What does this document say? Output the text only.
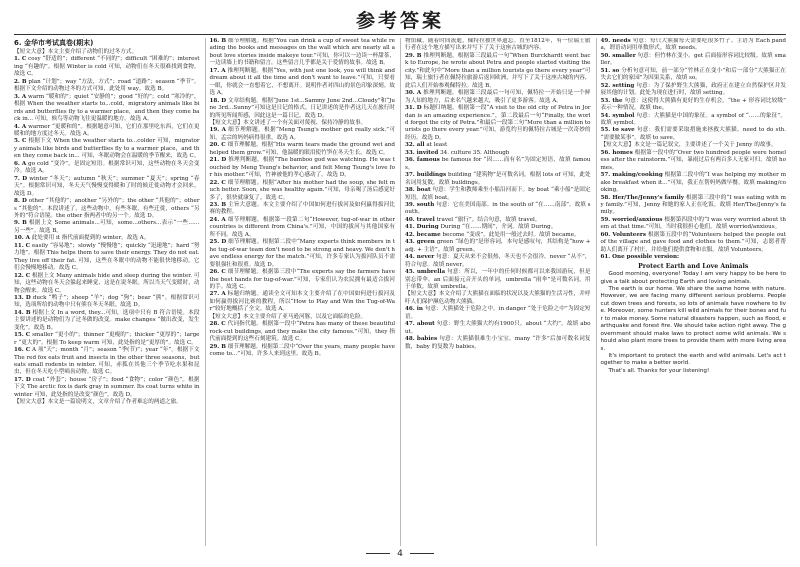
参考答案
6. 金华市考试真卷(期末)

【短文大意】本文主要介绍了动物们的过冬方式。

1. C cosy “舒适的”；different “不同的”；difficult “困难的”；interesting “有趣的”。根据 Winter is cold 可知，动物们在冬天很难找到食物。故选 C。

2. B plan “计划”；way “方法，方式”；road “道路”；season “季节”。根据下文介绍的动物过冬的方式可知，此处用 way。故选 B。

3. A warm “暖和的”；quiet “安静的”；good “好的”；cold “寒冷的”。根据 When the weather starts to...cold，migratory animals like birds and butterflies fly to a warmer place，and then they come back in... 可知，候鸟等动物飞往更温暖的地方。故选 A。

4. A warmer “更暖和的”。根据题意可知，它们在那里吃东西，它们在更暖和的地方度过冬天。故选 A。

5. C 根据下文 When the weather starts to...colder 可知，migratory animals like birds and butterflies fly to a warmer place，and then they come back in... 可知，冬眠动物会在温暖的季节醒来，故选 C。

6. A go cold “变冷”，是固定短语。根据常识可知，这些动物在冬天会变冷。故选 A。

7. D winter “冬天”；autumn “秋天”；summer “夏天”；spring “春天”。根据常识可知，冬天天气慢慢变得暖和了时的候迁徙动物才会回来。故选 D。

8. D other “其他的”；another “另外的”；the other “其他的”；others “其他的”。本段讲述了，这些动物中，有些冬眠，有些迁徙，others “另外的”符合语境。the other 指两者中的另一个。故选 D。

9. B 根据上文 Some animals...可知，some...others...表示“一些……另一些”。故选 B。

10. A 此处要用 it 指代前面提到的 winter。故选 A。

11. C easily “容易地”；slowly “慢慢地”；quickly “迅速地”；hard “努力地”。根据 This helps them to save their energy. They do not eat. They live off their fat. 可知，这些在冬眠中的动物不能很快地移动，它们会慢慢地移动。故选 C。

12. C 根据上文 Many animals hide and sleep during the winter. 可知，这些动物在冬天会躲起来睡觉，这是在说冬眠。所以当天气变暖时，动物会醒来。故选 C。

13. D duck “鸭子”；sheep “羊”；dog “狗”；bear “熊”。根据常识可知，选项所给的动物中只有熊在冬天冬眠。故选 D。

14. B 根据上文 In a word, they...可知，选项中只有 B 符合语境。本段主要讲述的是动物们为了过冬做的改变。make changes “做出改变，发生变化”。故选 B。

15. C smaller “更小的”；thinner “更瘦的”；thicker “更厚的”；larger “更大的”。根据 To keep warm 可知，此处指的是“更厚的”。故选 C。

16. C A 项“天”；month “月”；season “季(节)”；year “年”。根据下文 The red fox eats fruit and insects in the other three seasons，but eats small rodents in winter. 可知，赤狐在其他三个季节吃水果和昆虫，但在冬天吃小型啮齿动物。故选 C。

17. D coat “外套”；house “房子”；food “食物”；color “颜色”。根据下文 The arctic fox is dark gray in summer. Its coat turns white in winter 可知，此处指的是改变“颜色”。故选 D。

【短文大意】本文是一篇说明文，文章介绍了作者难忘的两道之旅。

16. B 细节理解题。根据“You can drink a cup of sweet tea while reading the books and messages on the wall which are nearly all about love stories inside makeye tour.”可知，你可以一边读一杯甜茶，一边读墙上的书籍和留言，这些留言几乎都是关于爱情的故事。故选 B。

17. A 推理判断题。根据“Yes, with just one look, you will think and dream about it all the time and don't want to leave.”可知，只要看一眼，你就会一直想着它，不想离开。说明作者对四山的景色印象深刻。故选 A。

18. D 文章结构题。根据“June 1st...Sammy June 2nd...Cloudy”和“June 3rd...Sunny”可知这是日记的格式。日记讲述的是作者这几天在旅行时的所见所闻所感，因此这是一篇日记。故选 D。

【短文大意】本文讲述了一个有关面对蔑视、保持冷静的故事。

19. A 细节理解题。根据“Meng Tsung's mother got really sick.”可知，孟宗的妈妈病得很重。故选 A。

20. C 细节理解题。根据“His warm tears made the ground wet and helped them grow.”可知，他温暖的眼泪使竹笋在冬天生长。故选 C。

21. D 推理判断题。根据“The bamboo god was watching. He was touched by Meng Tsung's behavior, and felt Meng Tsung's love for his mother.”可知，竹神被他的孝心感动了。故选 D。

22. C 细节理解题。根据“After his mother had the soup, she felt much better. Soon, she was healthy again.”可知，母亲喝了汤后感觉好多了，很快就康复了。故选 C。

23. B 主旨大意题。本文主要介绍了中国如何进行拔河及如何赢得拔河比赛的教程。

24. A 细节理解题。根据第一段第二句“However, tug-of-war in other countries is different from China's.”可知，中国的拔河与其他国家有所不同。故选 A。

25. D 细节理解题。根据第二段中“Many experts think members in the tug-of-war team don't need to be strong and heavy. We don't have endless energy for the match.”可知，许多专家认为拔河队员不需要很强壮和很重。故选 D。

26. C 细节理解题。根据第三段中“The experts say the farmers have the best hands for tug-of-war.”可知，专家们认为农民拥有最适合拔河的手。故选 C。

27. A 标题归纳题。通读全文可知本文主要介绍了在中国如何进行拔河及如何赢得拔河比赛的教程，所以“How to Play and Win the Tug-of-War”较好地概括了全文。故选 A。

【短文大意】本文主要介绍了亚马逊河豚，以及它面临的危险。

28. C 代词指代题。根据第一段中“Petra has many of these beautiful rock-cut buildings, and they make the city famous.”可知，they 指代前面提到的这些石刻建筑。故选 C。

29. B 细节理解题。根据第二段中“Over the years, many people have come to...”可知，许多人来到这里。故选 B。

物馆藏，随着时间流逝，佩特拉被世界遗忘。直至1812年，有一位瑞士旅行者在这个地方描写出来并写下了关于这座古城的内容。

29. B 推理判断题。根据第三段最后一句“When Burckhardt went back to Europe, he wrote about Petra and people started visiting the city.”和此句中“More than a million tourists go there every year”可知，瑞士旅行者在佩特拉旅游后返回欧洲，并写下了关于这座古城的内容，此后人们开始参观佩特拉。故选 B。

30. A 推理判断题。根据第三段最后一句可知，佩特拉一开始只是一个鲜为人知的地方，后来名气越来越大，吸引了更多游客。故选 A。

31. D 标题归纳题。根据第一段“A visit to the old city of Petra in Jordan is an amazing experience.”，第二段最后一句“Finally, the world forgot the city of Petra.”和最后一段第二句“More than a million tourists go there every year.”可知，游览约旦的佩特拉古城是一次奇妙的经历。故选 D。

32. all at least

33. invited 34. culture 35. Although

36. famous be famous for “因……而有名”为固定短语，故填 famous。

37. buildings building “建筑物”是可数名词，根据 lots of 可知，此处名词用复数。故填 buildings。

38. boat 句意：学生和教师乘坐小船沿河而下。by boat “乘小船”是固定短语。故填 boat。

39. south 句意：它在美国南部。in the south of “在……南部”。故填 south。

40. travel travel “旅行”。结合句意，故填 travel。

41. During During “在……期间”，介词。故填 During。

42. became become “变成”，此处用一般过去时。故填 became。

43. green green “绿色的”是形容词，本句是感叹句，其结构是“how + adj. + 主语”。故填 green。

44. never 句意：夏天从来不会很热，冬天也不会很冷。never “从不”，符合句意。故填 never。

45. umbrella 句意：所以，一年中的任何时候都可以来我国游玩，但是别忘带伞。an 后面接元音开头的单词，umbrella “雨伞”是可数名词，用于单数。故填 umbrella。

【短文大意】本文介绍了大熊猫在面临的状况以及大熊猫的生活习性，并呼吁人们保护濒危动物大熊猫。

46. in 句意：大熊猫处于危险之中。in danger “处于危险之中”为固定短语。

47. about 句意：野生大熊猫大约有1900只。about “大约”。故填 about。

48. babies 句意：大熊猫很难生小宝宝。many “许多”后加可数名词复数，baby 的复数为 babies。

49. needs 句意：每只大熊猫每天需要吃很多竹子。主语为 Each panda，谓语动词用单数形式。故填 needs。

50. smaller 句意：但竹林在变小。get 后面接形容词比较级。故填 smaller。

51. so 分析句意可知，前一部分“竹林正在变小”和后一部分“大熊猫正在失去它们的家园”为因果关系，故填 so。

52. setting 句意：为了保护野生大熊猫，政府正在建立自然保护区并发展其他的计划。此处为现在进行时，故填 setting。

53. the 句意：这使得大熊猫有更好的生存机会。“the + 形容词比较级” 表示一种情况。故填 the。

54. symbol 句意：大熊猫是中国的象征。a symbol of “……的象征”。故填 symbol。

55. to save 句意：我们需要采取措施来拯救大熊猫。need to do sth. “需要做某事”。故填 to save。

【短文大意】本文是一篇记叙文，主要讲述了一个关于 Jenny 的故事。

56. homes 根据第一段中的“Over two hundred people were homeless after the rainstorm.”可知，暴雨过后有两百多人无家可归。故填 homes。

57. making/cooking 根据第二段中的“I was helping my mother make breakfast when it...”可知，我正在帮妈妈做早餐。故填 making/cooking。

58. Her/The/Jenny's family 根据第三段中的“I was eating with my family.”可知，Jenny 和她的家人正在吃饭。故填 Her/The/Jenny's family。

59. worried/anxious 根据第四段中的“I was very worried about them at that time.”可知，当时我很担心他们。故填 worried/anxious。

60. Volunteers 根据第五段中的“Volunteers helped the people out of the village and gave food and clothes to them.”可知，志愿者帮助人们离开了村庄，并给他们提供食物和衣服。故填 Volunteers。

61. One possible version:

Protect Earth and Love Animals

Good morning, everyone! Today I am very happy to be here to give a talk about protecting Earth and loving animals.

The earth is our home. We share the same home with nature. However, we are facing many different serious problems. People cut down trees and forests, so lots of animals have nowhere to live. Moreover, some hunters kill wild animals for their bones and fur to make money. Some natural disasters happen, such as flood, earthquake and forest fire. We should take action right away. The government should make laws to protect some wild animals. We should also plant more trees to provide them with more living areas.

It's important to protect the earth and wild animals. Let's act together to make a better world.

That's all. Thanks for your listening!

4
